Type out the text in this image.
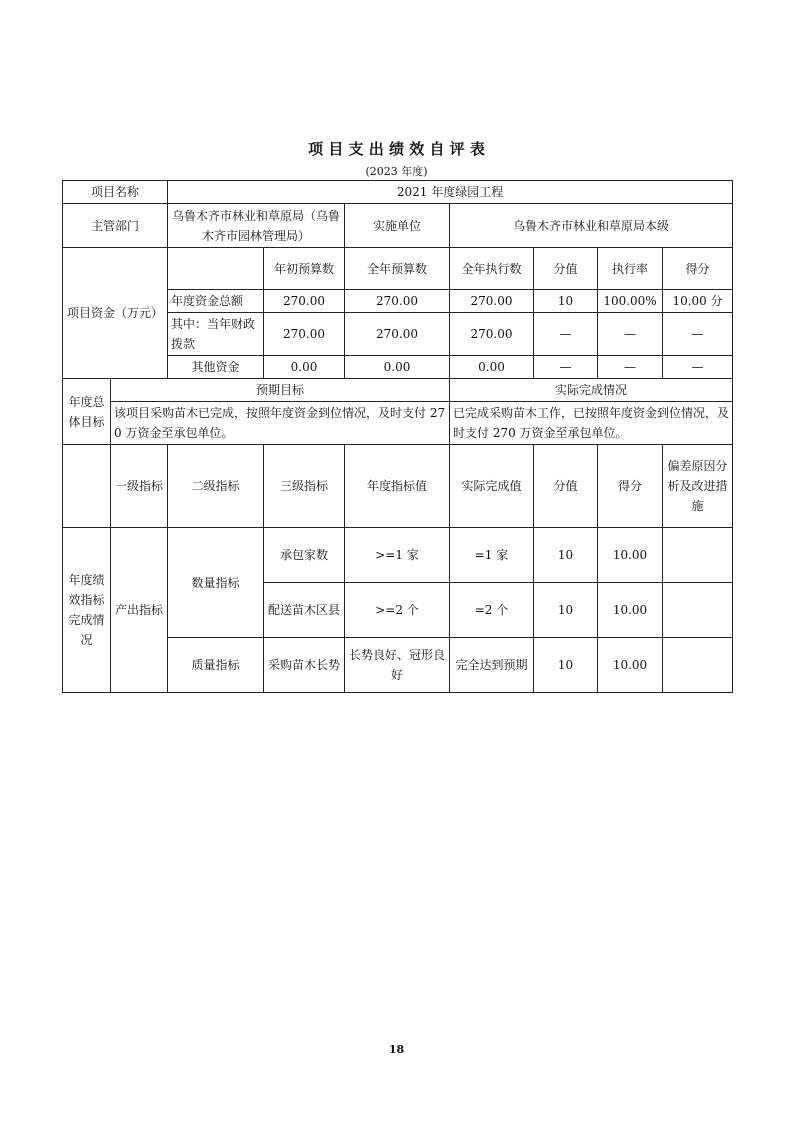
项 目 支 出 绩 效 自 评 表
(2023 年度)
项目名称		2021 年度绿园工程						
主管部门		乌鲁木齐市林业和草原局（乌鲁木齐市园林管理局）		实施单位	乌鲁木齐市林业和草原局本级			
项目资金（万元）			年初预算数	全年预算数	全年执行数	分值	执行率	得分
		年度资金总额	270.00	270.00	270.00	10	100.00%	10.00 分
		其中：当年财政拨款	270.00	270.00	270.00	—	—	—
		其他资金	0.00	0.00	0.00	—	—	—
年度总体目标	预期目标				实际完成情况			
	该项目采购苗木已完成，按照年度资金到位情况，及时支付 270 万资金至承包单位。				已完成采购苗木工作，已按照年度资金到位情况，及时支付 270 万资金至承包单位。			
	一级指标	二级指标	三级指标	年度指标值	实际完成值	分值	得分	偏差原因分析及改进措施
年度绩效指标完成情况	产出指标	数量指标	承包家数	>=1 家	=1 家	10	10.00	
			配送苗木区县	>=2 个	=2 个	10	10.00	
		质量指标	采购苗木长势	长势良好、冠形良好	完全达到预期	10	10.00	
18
